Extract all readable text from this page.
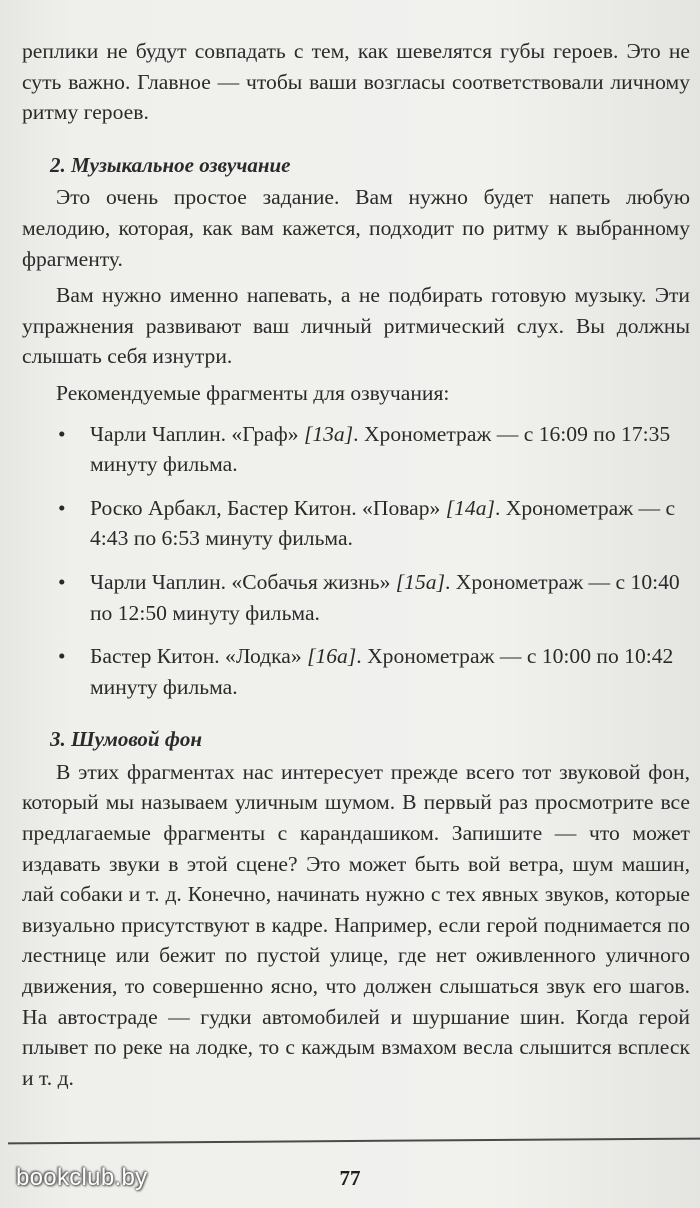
реплики не будут совпадать с тем, как шевелятся губы героев. Это не суть важно. Главное — чтобы ваши возгласы соответствовали личному ритму героев.

2. Музыкальное озвучание

Это очень простое задание. Вам нужно будет напеть любую мелодию, которая, как вам кажется, подходит по ритму к выбранному фрагменту.

Вам нужно именно напевать, а не подбирать готовую музыку. Эти упражнения развивают ваш личный ритмический слух. Вы должны слышать себя изнутри.

Рекомендуемые фрагменты для озвучания:

• Чарли Чаплин. «Граф» [13а]. Хронометраж — с 16:09 по 17:35 минуту фильма.
• Роско Арбакл, Бастер Китон. «Повар» [14а]. Хронометраж — с 4:43 по 6:53 минуту фильма.
• Чарли Чаплин. «Собачья жизнь» [15а]. Хронометраж — с 10:40 по 12:50 минуту фильма.
• Бастер Китон. «Лодка» [16а]. Хронометраж — с 10:00 по 10:42 минуту фильма.

3. Шумовой фон

В этих фрагментах нас интересует прежде всего тот звуковой фон, который мы называем уличным шумом. В первый раз просмотрите все предлагаемые фрагменты с карандашиком. Запишите — что может издавать звуки в этой сцене? Это может быть вой ветра, шум машин, лай собаки и т. д. Конечно, начинать нужно с тех явных звуков, которые визуально присутствуют в кадре. Например, если герой поднимается по лестнице или бежит по пустой улице, где нет оживленного уличного движения, то совершенно ясно, что должен слышаться звук его шагов. На автостраде — гудки автомобилей и шуршание шин. Когда герой плывет по реке на лодке, то с каждым взмахом весла слышится всплеск и т. д.

77
bookclub.by
